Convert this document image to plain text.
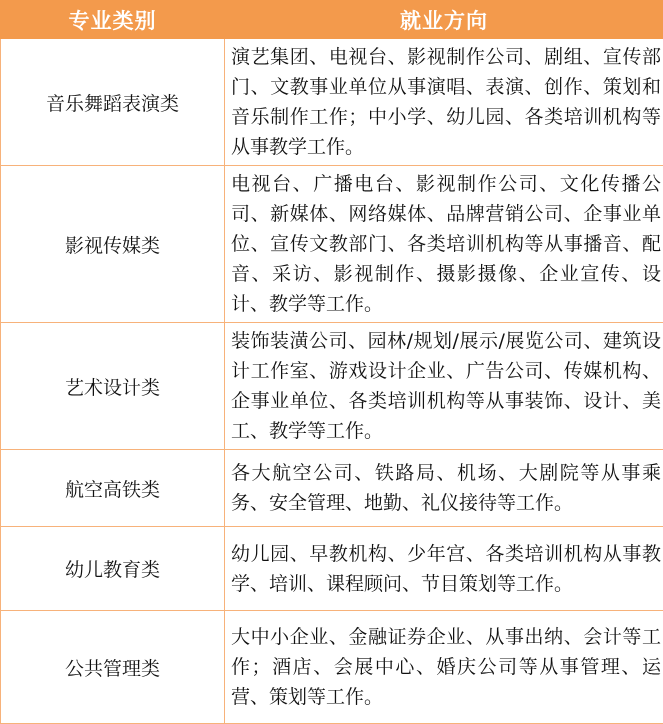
专业类别	就业方向
音乐舞蹈表演类	演艺集团、电视台、影视制作公司、剧组、宣传部门、文教事业单位从事演唱、表演、创作、策划和音乐制作工作；中小学、幼儿园、各类培训机构等从事教学工作。
影视传媒类	电视台、广播电台、影视制作公司、文化传播公司、新媒体、网络媒体、品牌营销公司、企事业单位、宣传文教部门、各类培训机构等从事播音、配音、采访、影视制作、摄影摄像、企业宣传、设计、教学等工作。
艺术设计类	装饰装潢公司、园林/规划/展示/展览公司、建筑设计工作室、游戏设计企业、广告公司、传媒机构、企事业单位、各类培训机构等从事装饰、设计、美工、教学等工作。
航空高铁类	各大航空公司、铁路局、机场、大剧院等从事乘务、安全管理、地勤、礼仪接待等工作。
幼儿教育类	幼儿园、早教机构、少年宫、各类培训机构从事教学、培训、课程顾问、节目策划等工作。
公共管理类	大中小企业、金融证券企业、从事出纳、会计等工作；酒店、会展中心、婚庆公司等从事管理、运营、策划等工作。
